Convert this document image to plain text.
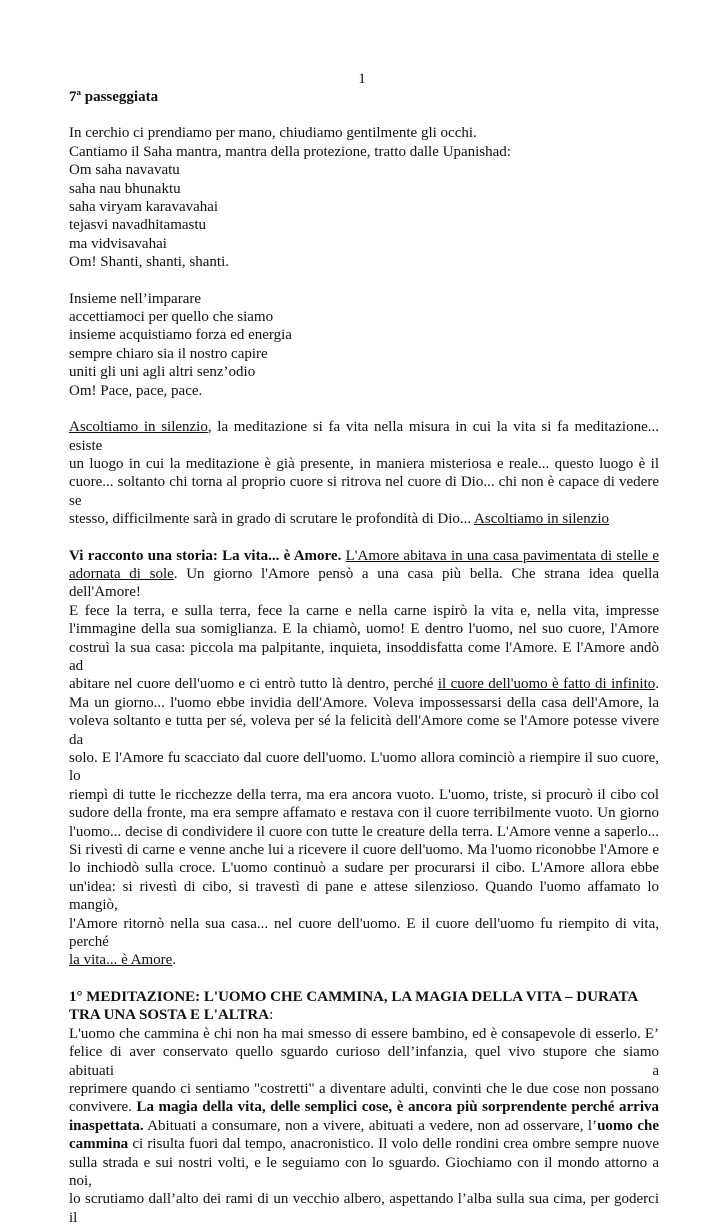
1
7ª passeggiata
In cerchio ci prendiamo per mano, chiudiamo gentilmente gli occhi.
Cantiamo il Saha mantra, mantra della protezione, tratto dalle Upanishad:
Om saha navavatu
saha nau bhunaktu
saha viryam karavavahai
tejasvi navadhitamastu
ma vidvisavahai
Om! Shanti, shanti, shanti.
Insieme nell’imparare
accettiamoci per quello che siamo
insieme acquistiamo forza ed energia
sempre chiaro sia il nostro capire
uniti gli uni agli altri senz’odio
Om! Pace, pace, pace.
Ascoltiamo in silenzio, la meditazione si fa vita nella misura in cui la vita si fa meditazione... esiste
un luogo in cui la meditazione è già presente, in maniera misteriosa e reale... questo luogo è il
cuore... soltanto chi torna al proprio cuore si ritrova nel cuore di Dio... chi non è capace di vedere se
stesso, difficilmente sarà in grado di scrutare le profondità di Dio... Ascoltiamo in silenzio
Vi racconto una storia: La vita... è Amore. L'Amore abitava in una casa pavimentata di stelle e
adornata di sole. Un giorno l'Amore pensò a una casa più bella. Che strana idea quella dell'Amore!
E fece la terra, e sulla terra, fece la carne e nella carne ispirò la vita e, nella vita, impresse
l'immagine della sua somiglianza. E la chiamò, uomo! E dentro l'uomo, nel suo cuore, l'Amore
costruì la sua casa: piccola ma palpitante, inquieta, insoddisfatta come l'Amore. E l'Amore andò ad
abitare nel cuore dell'uomo e ci entrò tutto là dentro, perché il cuore dell'uomo è fatto di infinito.
Ma un giorno... l'uomo ebbe invidia dell'Amore. Voleva impossessarsi della casa dell'Amore, la
voleva soltanto e tutta per sé, voleva per sé la felicità dell'Amore come se l'Amore potesse vivere da
solo. E l'Amore fu scacciato dal cuore dell'uomo. L'uomo allora cominciò a riempire il suo cuore, lo
riempì di tutte le ricchezze della terra, ma era ancora vuoto. L'uomo, triste, si procurò il cibo col
sudore della fronte, ma era sempre affamato e restava con il cuore terribilmente vuoto. Un giorno
l'uomo... decise di condividere il cuore con tutte le creature della terra. L'Amore venne a saperlo...
Si rivestì di carne e venne anche lui a ricevere il cuore dell'uomo. Ma l'uomo riconobbe l'Amore e
lo inchiodò sulla croce. L'uomo continuò a sudare per procurarsi il cibo. L'Amore allora ebbe
un'idea: si rivestì di cibo, si travestì di pane e attese silenzioso. Quando l'uomo affamato lo mangiò,
l'Amore ritornò nella sua casa... nel cuore dell'uomo. E il cuore dell'uomo fu riempito di vita, perché
la vita... è Amore.
1° MEDITAZIONE: L'UOMO CHE CAMMINA, LA MAGIA DELLA VITA – DURATA
TRA UNA SOSTA E L'ALTRA:
L'uomo che cammina è chi non ha mai smesso di essere bambino, ed è consapevole di esserlo. E’
felice di aver conservato quello sguardo curioso dell’infanzia, quel vivo stupore che siamo abituati a
reprimere quando ci sentiamo "costretti" a diventare adulti, convinti che le due cose non possano
convivere. La magia della vita, delle semplici cose, è ancora più sorprendente perché arriva
inaspettata. Abituati a consumare, non a vivere, abituati a vedere, non ad osservare, l’uomo che
cammina ci risulta fuori dal tempo, anacronistico. Il volo delle rondini crea ombre sempre nuove
sulla strada e sui nostri volti, e le seguiamo con lo sguardo. Giochiamo con il mondo attorno a noi,
lo scrutiamo dall’alto dei rami di un vecchio albero, aspettando l’alba sulla sua cima, per goderci il
